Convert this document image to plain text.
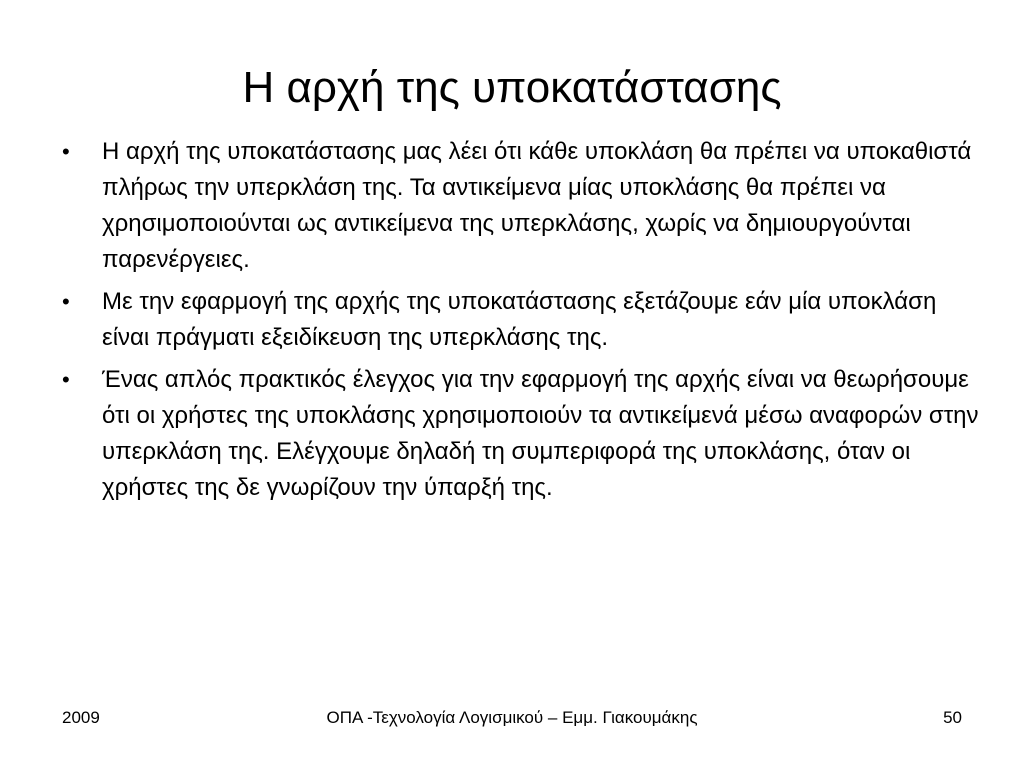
Η αρχή της υποκατάστασης
•	Η αρχή της υποκατάστασης μας λέει ότι κάθε υποκλάση θα πρέπει να υποκαθιστά πλήρως την υπερκλάση της. Τα αντικείμενα μίας υποκλάσης θα πρέπει να χρησιμοποιούνται ως αντικείμενα της υπερκλάσης, χωρίς να δημιουργούνται παρενέργειες.
•	Με την εφαρμογή της αρχής της υποκατάστασης εξετάζουμε εάν μία υποκλάση είναι πράγματι εξειδίκευση της υπερκλάσης της.
•	Ένας απλός πρακτικός έλεγχος για την εφαρμογή της αρχής είναι να θεωρήσουμε ότι οι χρήστες της υποκλάσης χρησιμοποιούν τα αντικείμενά μέσω αναφορών στην υπερκλάση της. Ελέγχουμε δηλαδή τη συμπεριφορά της υποκλάσης, όταν οι χρήστες της δε γνωρίζουν την ύπαρξή της.
2009	ΟΠΑ -Τεχνολογία Λογισμικού – Εμμ. Γιακουμάκης	50
